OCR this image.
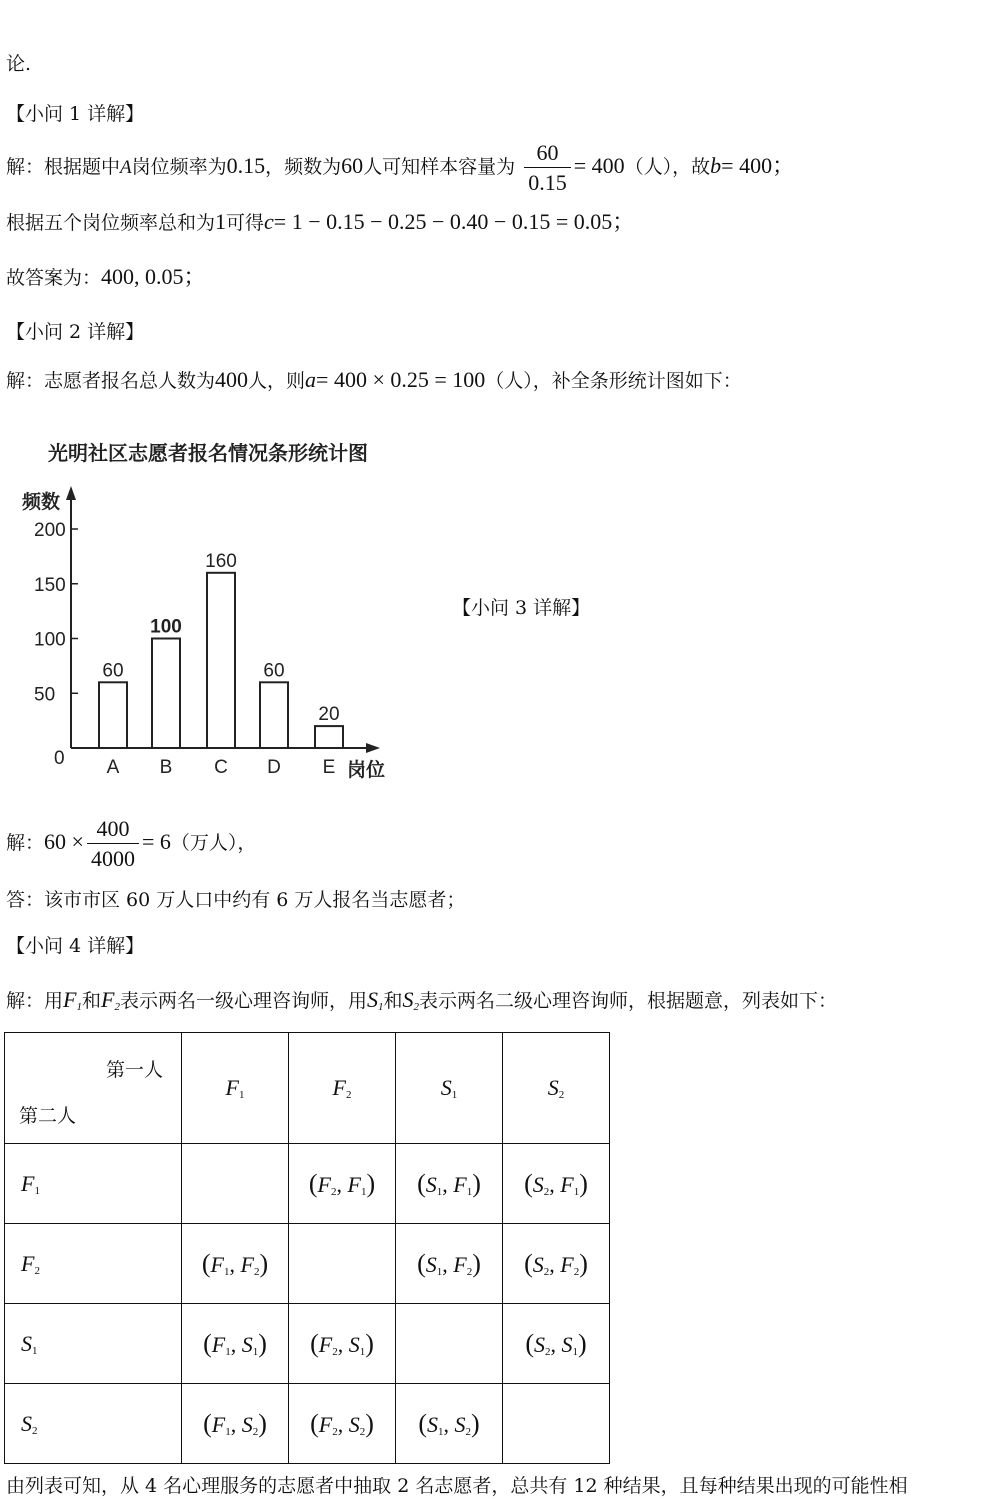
论.
【小问 1 详解】
解：根据题中A岗位频率为0.15，频数为60人可知样本容量为 $\frac{60}{0.15} = 400$（人），故b= 400；
根据五个岗位频率总和为1可得c= 1 − 0.15 − 0.25 − 0.40 − 0.15 = 0.05；
故答案为：400, 0.05；
【小问 2 详解】
解：志愿者报名总人数为400人，则a= 400 × 0.25 = 100（人），补全条形统计图如下：
光明社区志愿者报名情况条形统计图
频数
岗位
0
50
100
150
200
60
A
100
B
160
C
60
D
20
E
【小问 3 详解】
解：$60 \times \frac{400}{4000} = 6$（万人），
答：该市市区 60 万人口中约有 6 万人报名当志愿者；
【小问 4 详解】
解：用$F_1$和$F_2$表示两名一级心理咨询师，用$S_1$和$S_2$表示两名二级心理咨询师，根据题意，列表如下：
第一人
第二人	$F_1$	$F_2$	$S_1$	$S_2$
$F_1$		($F_2$, $F_1$)	($S_1$, $F_1$)	($S_2$, $F_1$)
$F_2$	($F_1$, $F_2$)		($S_1$, $F_2$)	($S_2$, $F_2$)
$S_1$	($F_1$, $S_1$)	($F_2$, $S_1$)		($S_2$, $S_1$)
$S_2$	($F_1$, $S_2$)	($F_2$, $S_2$)	($S_1$, $S_2$)	
由列表可知，从 4 名心理服务的志愿者中抽取 2 名志愿者，总共有 12 种结果，且每种结果出现的可能性相
